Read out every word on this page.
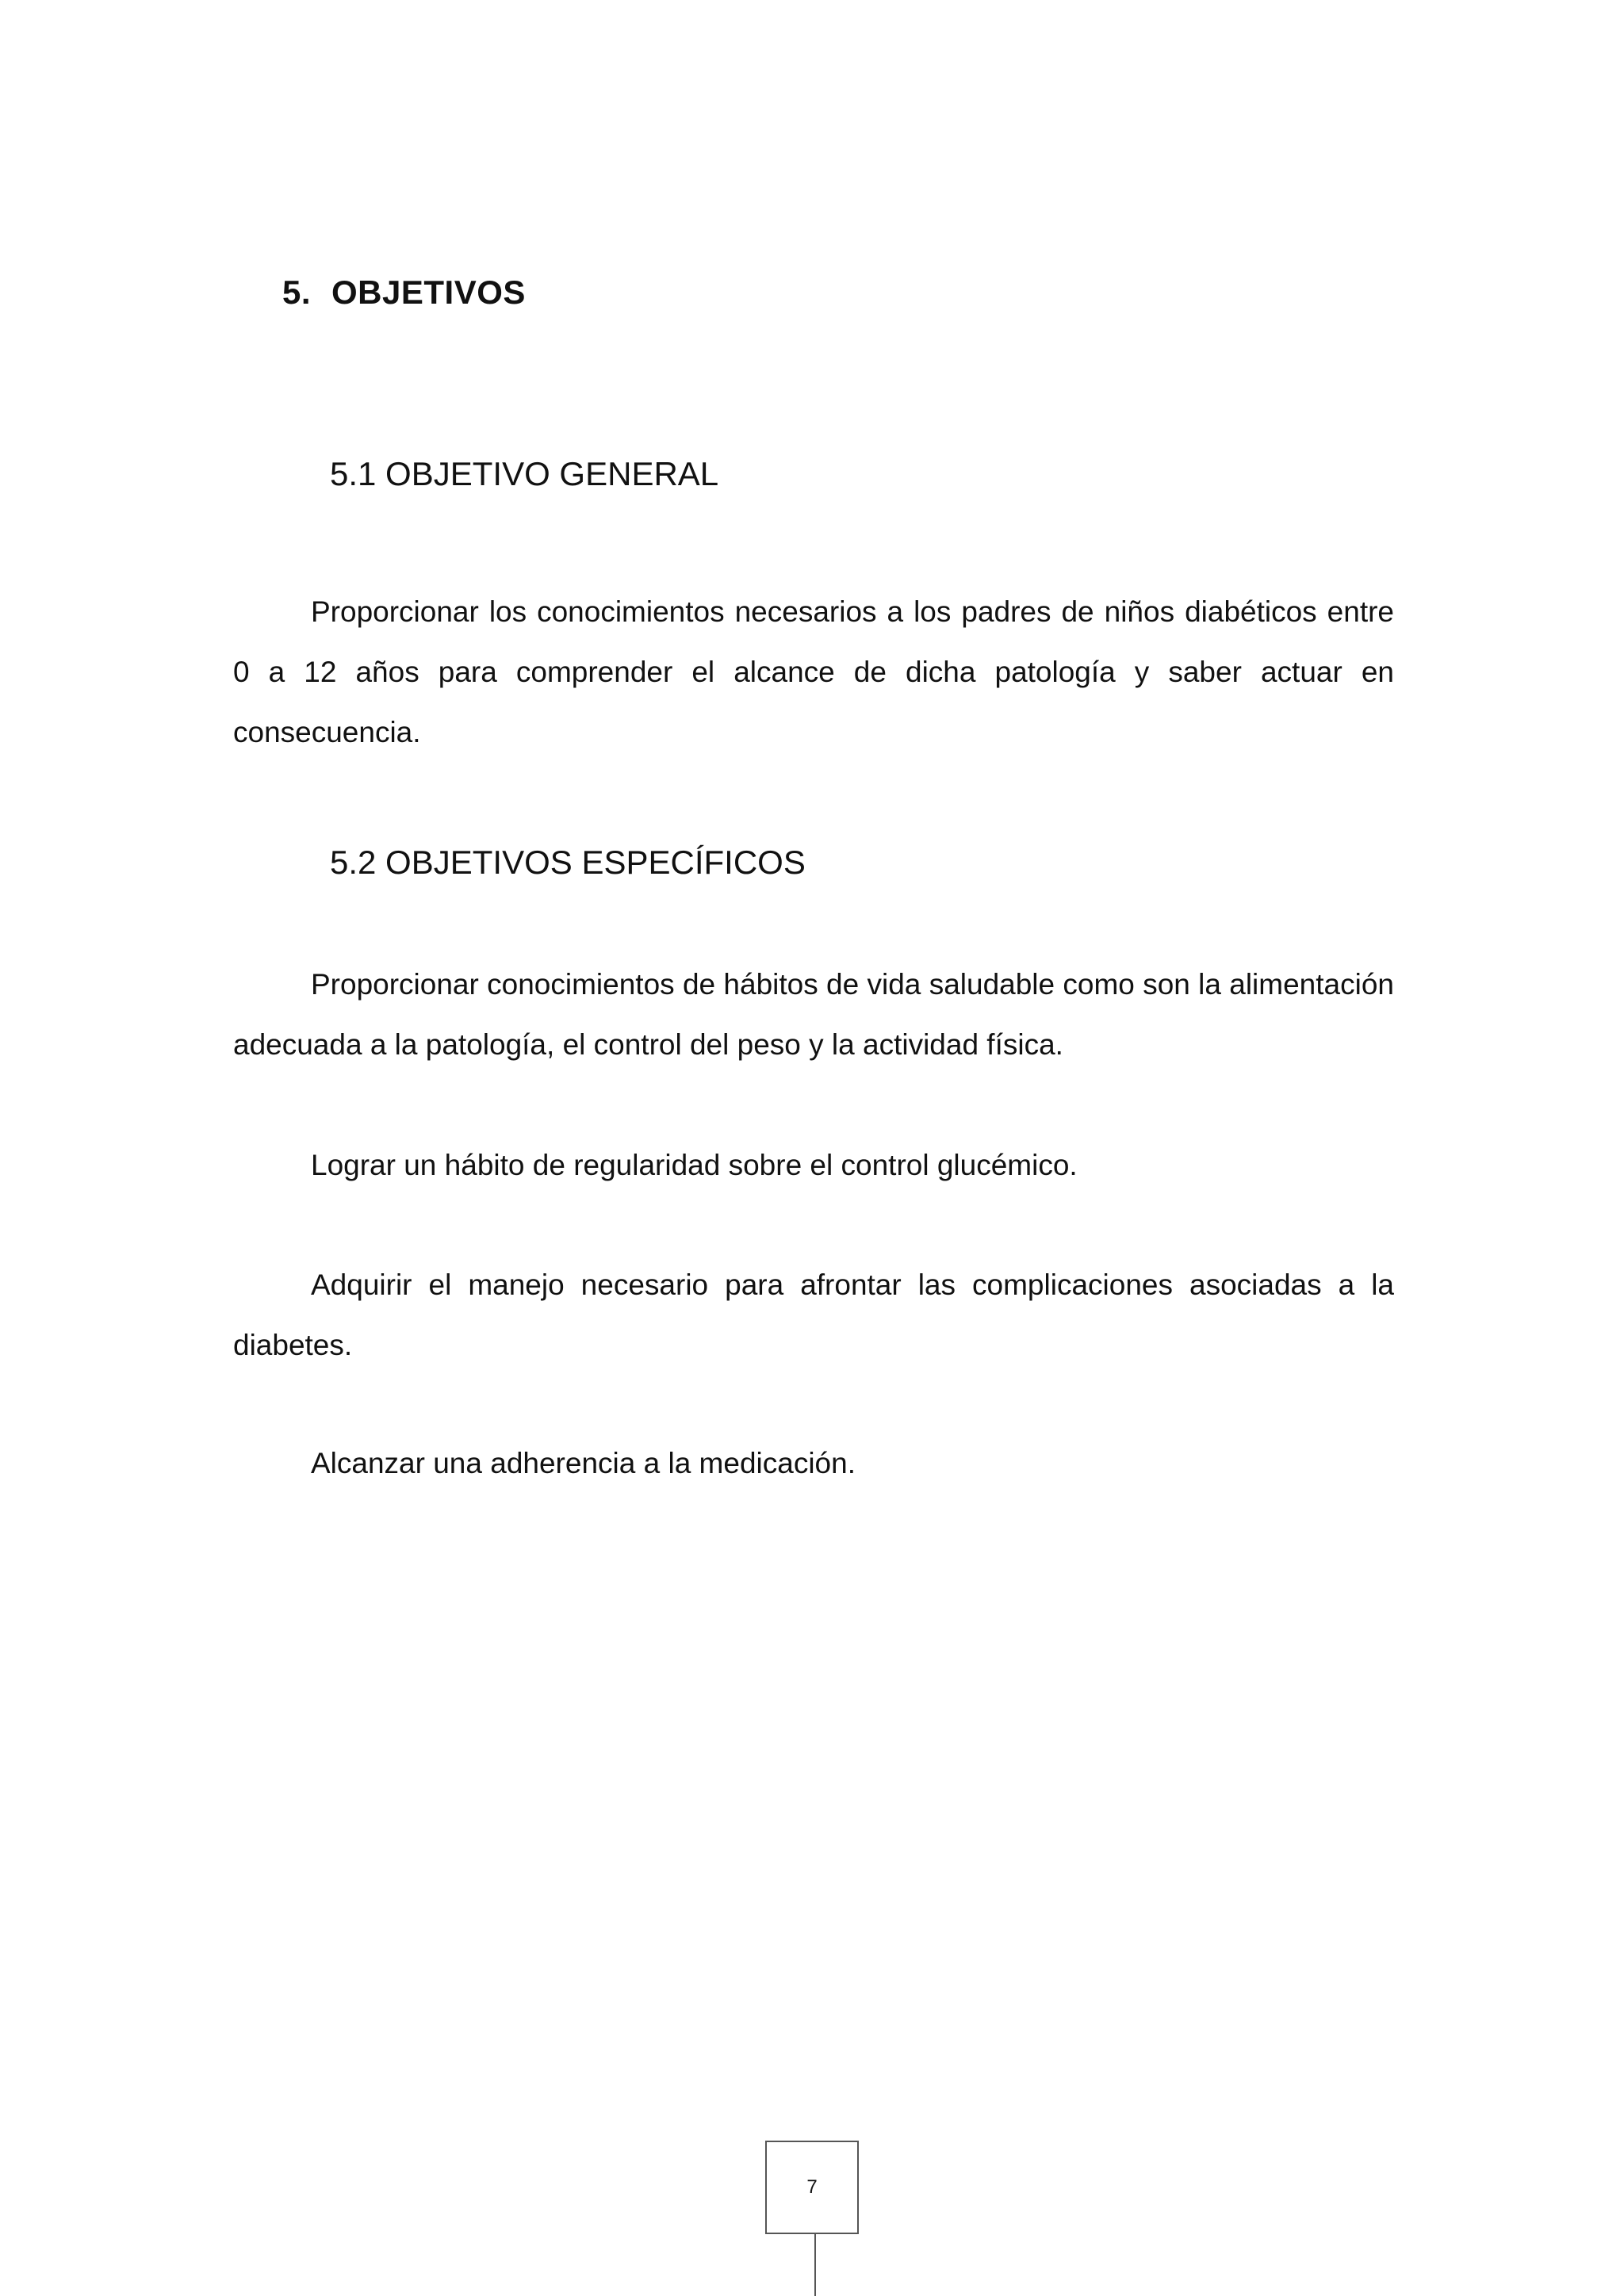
5. OBJETIVOS
5.1 OBJETIVO GENERAL

Proporcionar los conocimientos necesarios a los padres de niños diabéticos entre 0 a 12 años para comprender el alcance de dicha patología y saber actuar en consecuencia.

5.2 OBJETIVOS ESPECÍFICOS

Proporcionar conocimientos de hábitos de vida saludable como son la alimentación adecuada a la patología, el control del peso y la actividad física.

Lograr un hábito de regularidad sobre el control glucémico.

Adquirir el manejo necesario para afrontar las complicaciones asociadas a la diabetes.

Alcanzar una adherencia a la medicación.

7
